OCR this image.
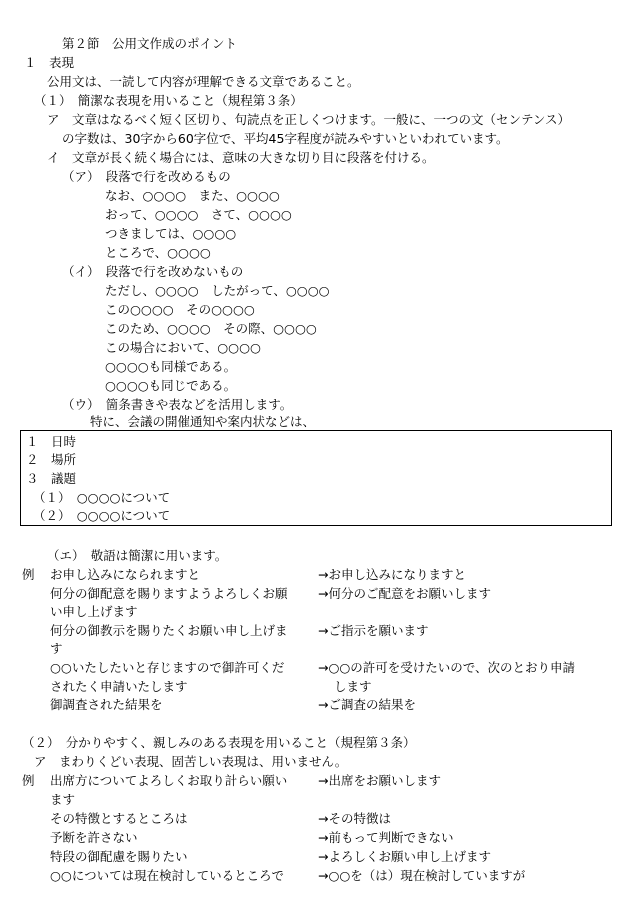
第２節　公用文作成のポイント
１　表現
公用文は、一読して内容が理解できる文章であること。
（１）　簡潔な表現を用いること（規程第３条）
ア　文章はなるべく短く区切り、句読点を正しくつけます。一般に、一つの文（センテンス）
の字数は、30字から60字位で、平均45字程度が読みやすいといわれています。
イ　文章が長く続く場合には、意味の大きな切り目に段落を付ける。
（ア）　段落で行を改めるもの
なお、○○○○　また、○○○○
おって、○○○○　さて、○○○○
つきましては、○○○○
ところで、○○○○
（イ）　段落で行を改めないもの
ただし、○○○○　したがって、○○○○
この○○○○　その○○○○
このため、○○○○　その際、○○○○
この場合において、○○○○
○○○○も同様である。
○○○○も同じである。
（ウ）　箇条書きや表などを活用します。
特に、会議の開催通知や案内状などは、
１　日時
２　場所
３　議題
（１）　○○○○について
（２）　○○○○について
（エ）　敬語は簡潔に用います。
例 お申し込みになられますと	→お申し込みになりますと
何分の御配意を賜りますようよろしくお願 →何分のご配意をお願いします
い申し上げます
何分の御教示を賜りたくお願い申し上げま →ご指示を願います
す
○○いたしたいと存じますので御許可くだ	→○○の許可を受けたいので、次のとおり申請
されたく申請いたします	します
御調査された結果を	→ご調査の結果を
（２）　分かりやすく、親しみのある表現を用いること（規程第３条）
ア　まわりくどい表現、固苦しい表現は、用いません。
例 出席方についてよろしくお取り計らい願い →出席をお願いします
ます
その特徴とするところは	→その特徴は
予断を許さない	→前もって判断できない
特段の御配慮を賜りたい	→よろしくお願い申し上げます
○○については現在検討しているところで	→○○を（は）現在検討していますが
